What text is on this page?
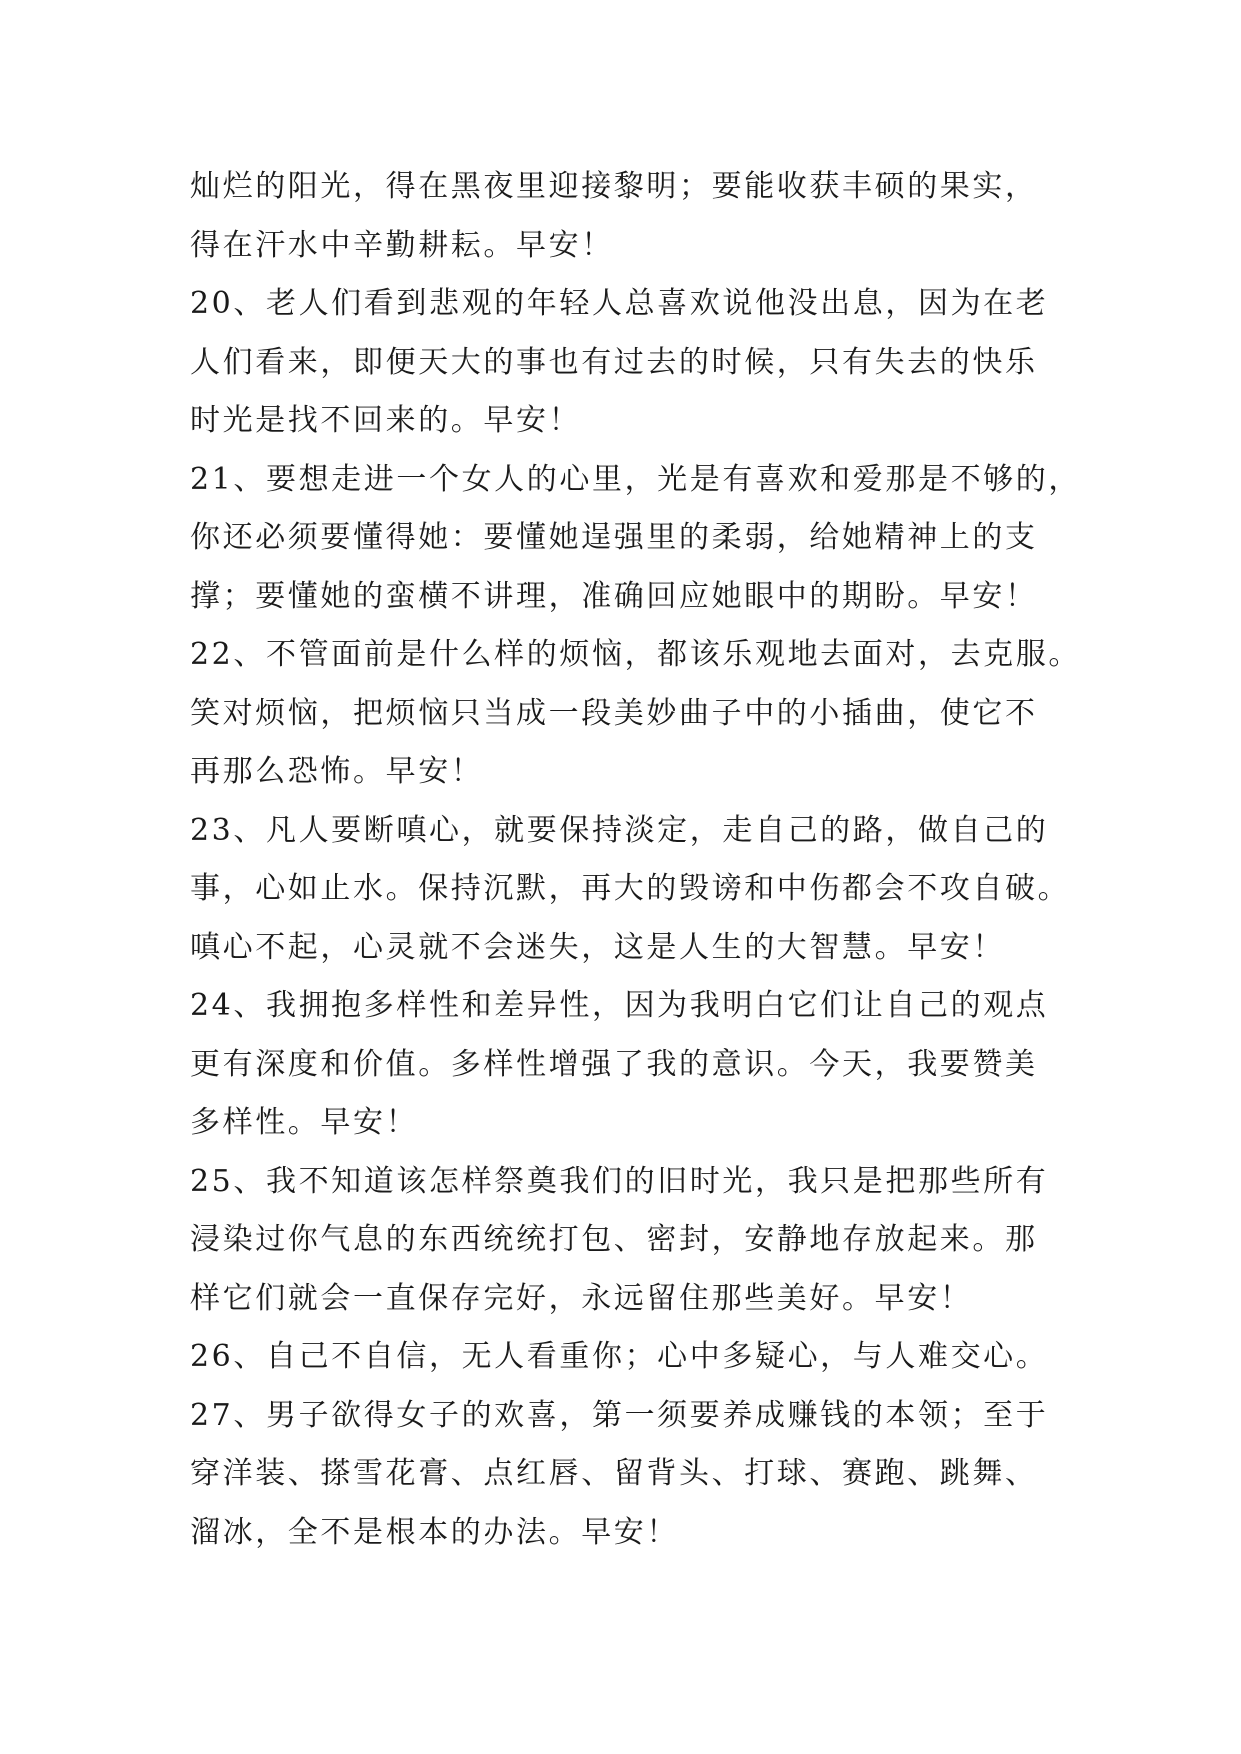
灿烂的阳光，得在黑夜里迎接黎明；要能收获丰硕的果实，
得在汗水中辛勤耕耘。早安！
20、老人们看到悲观的年轻人总喜欢说他没出息，因为在老
人们看来，即便天大的事也有过去的时候，只有失去的快乐
时光是找不回来的。早安！
21、要想走进一个女人的心里，光是有喜欢和爱那是不够的，
你还必须要懂得她：要懂她逞强里的柔弱，给她精神上的支
撑；要懂她的蛮横不讲理，准确回应她眼中的期盼。早安！
22、不管面前是什么样的烦恼，都该乐观地去面对，去克服。
笑对烦恼，把烦恼只当成一段美妙曲子中的小插曲，使它不
再那么恐怖。早安！
23、凡人要断嗔心，就要保持淡定，走自己的路，做自己的
事，心如止水。保持沉默，再大的毁谤和中伤都会不攻自破。
嗔心不起，心灵就不会迷失，这是人生的大智慧。早安！
24、我拥抱多样性和差异性，因为我明白它们让自己的观点
更有深度和价值。多样性增强了我的意识。今天，我要赞美
多样性。早安！
25、我不知道该怎样祭奠我们的旧时光，我只是把那些所有
浸染过你气息的东西统统打包、密封，安静地存放起来。那
样它们就会一直保存完好，永远留住那些美好。早安！
26、自己不自信，无人看重你；心中多疑心，与人难交心。
27、男子欲得女子的欢喜，第一须要养成赚钱的本领；至于
穿洋装、搽雪花膏、点红唇、留背头、打球、赛跑、跳舞、
溜冰，全不是根本的办法。早安！
